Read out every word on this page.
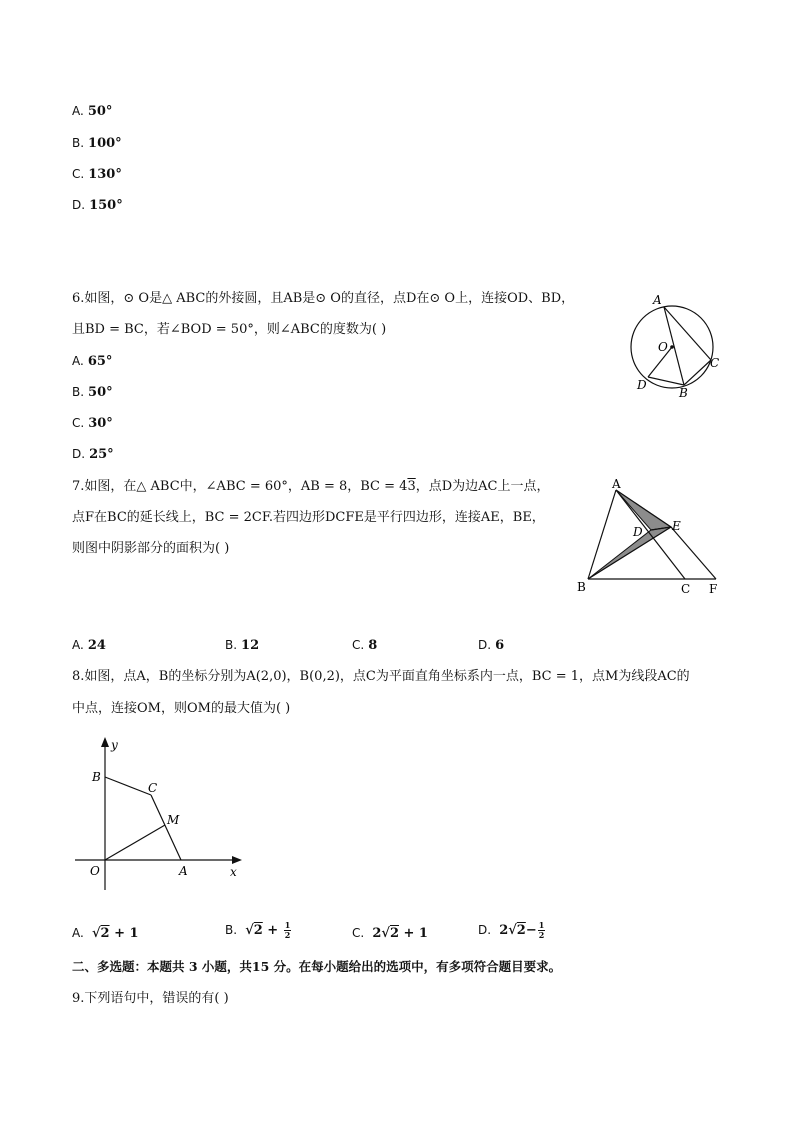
A. 50°
B. 100°
C. 130°
D. 150°
6.如图，⊙ O是△ ABC的外接圆，且AB是⊙ O的直径，点D在⊙ O上，连接OD、BD，
且BD = BC，若∠BOD = 50°，则∠ABC的度数为( )
A. 65°
B. 50°
C. 30°
D. 25°
A
O
C
D
B
7.如图，在△ ABC中，∠ABC = 60°，AB = 8，BC = 43，点D为边AC上一点，
点F在BC的延长线上，BC = 2CF.若四边形DCFE是平行四边形，连接AE，BE，
则图中阴影部分的面积为( )
A
D E
B	C F
A. 24	B. 12	C. 8	D. 6
8.如图，点A，B的坐标分别为A(2,0)，B(0,2)，点C为平面直角坐标系内一点，BC = 1，点M为线段AC的
中点，连接OM，则OM的最大值为( )
y
B
C
M
O	A	x
A. √2 + 1	B. $√2 + \frac{1}{2}$	C. 2√2 + 1	D. $2√2- \frac{1}{2}$
二、多选题：本题共 3 小题，共15 分。在每小题给出的选项中，有多项符合题目要求。
9.下列语句中，错误的有( )
